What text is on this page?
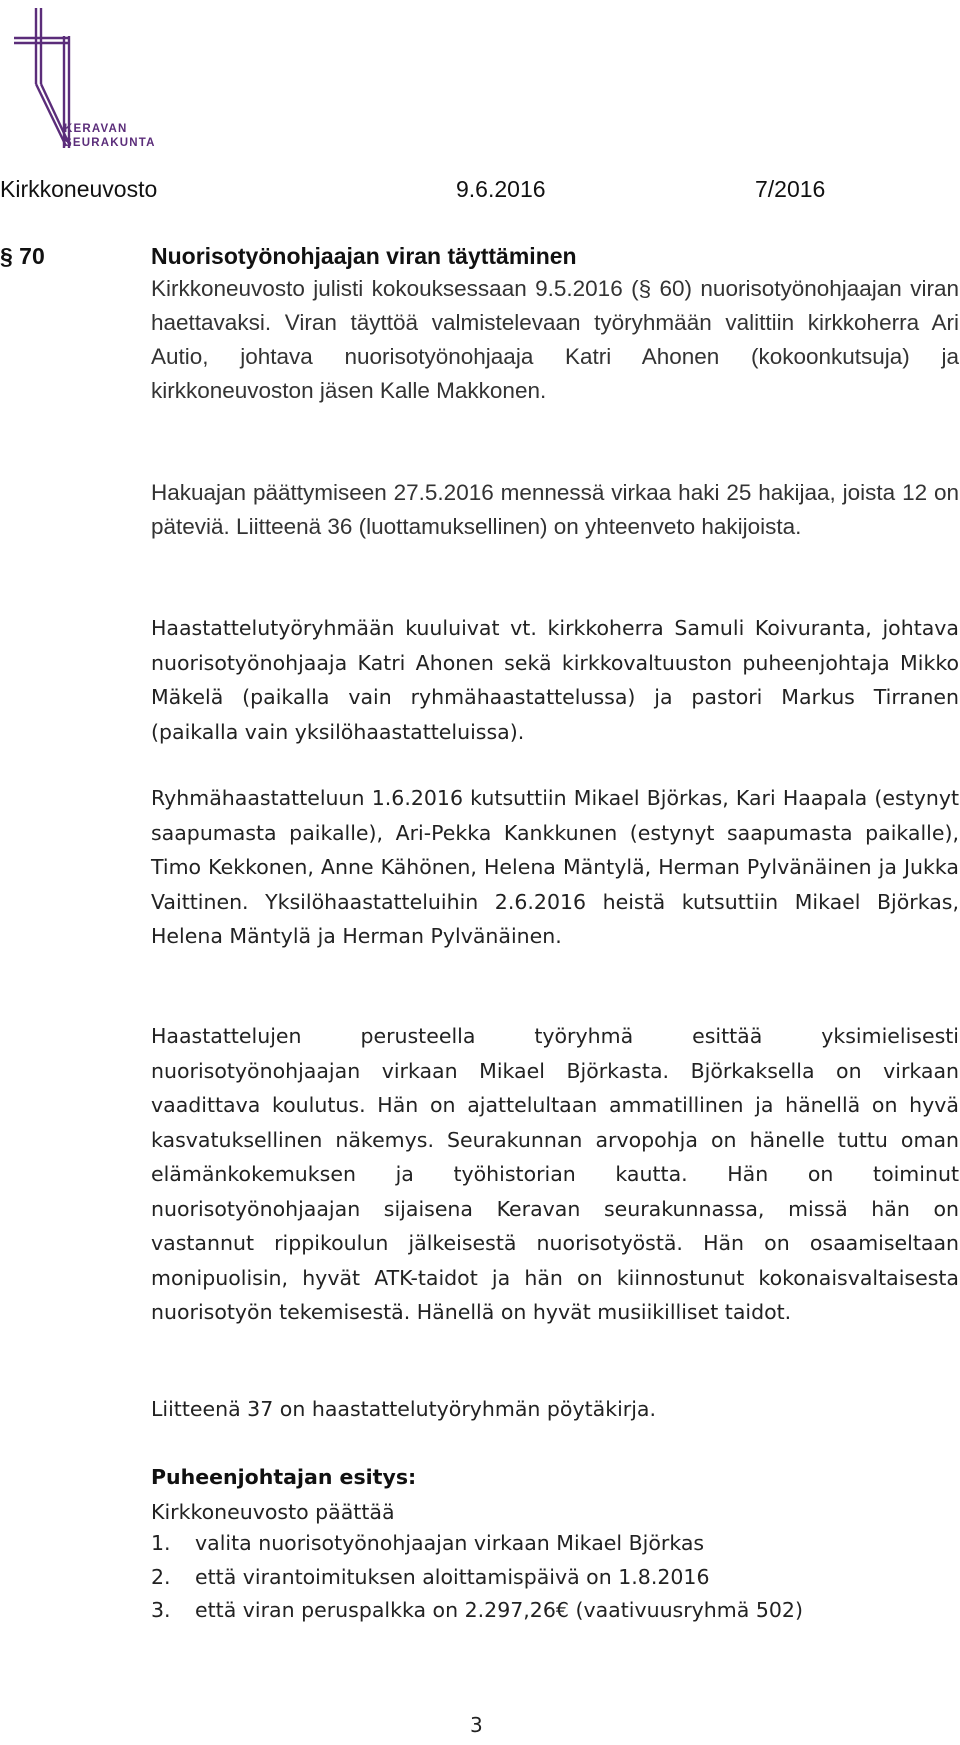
KERAVAN
SEURAKUNTA
Kirkkoneuvosto	9.6.2016	7/2016
§ 70	Nuorisotyönohjaajan viran täyttäminen

Kirkkoneuvosto julisti kokouksessaan 9.5.2016 (§ 60) nuorisotyönohjaajan viran haettavaksi. Viran täyttöä valmistelevaan työryhmään valittiin kirkkoherra Ari Autio, johtava nuorisotyönohjaaja Katri Ahonen (kokoonkutsuja) ja kirkkoneuvoston jäsen Kalle Makkonen.

Hakuajan päättymiseen 27.5.2016 mennessä virkaa haki 25 hakijaa, joista 12 on päteviä. Liitteenä 36 (luottamuksellinen) on yhteenveto hakijoista.

Haastattelutyöryhmään kuuluivat vt. kirkkoherra Samuli Koivuranta, johtava nuorisotyönohjaaja Katri Ahonen sekä kirkkovaltuuston puheenjohtaja Mikko Mäkelä (paikalla vain ryhmähaastattelussa) ja pastori Markus Tirranen (paikalla vain yksilöhaastatteluissa).

Ryhmähaastatteluun 1.6.2016 kutsuttiin Mikael Björkas, Kari Haapala (estynyt saapumasta paikalle), Ari-Pekka Kankkunen (estynyt saapumasta paikalle), Timo Kekkonen, Anne Kähönen, Helena Mäntylä, Herman Pylvänäinen ja Jukka Vaittinen. Yksilöhaastatteluihin 2.6.2016 heistä kutsuttiin Mikael Björkas, Helena Mäntylä ja Herman Pylvänäinen.

Haastattelujen perusteella työryhmä esittää yksimielisesti nuorisotyönohjaajan virkaan Mikael Björkasta. Björkaksella on virkaan vaadittava koulutus. Hän on ajattelultaan ammatillinen ja hänellä on hyvä kasvatuksellinen näkemys. Seurakunnan arvopohja on hänelle tuttu oman elämänkokemuksen ja työhistorian kautta. Hän on toiminut nuorisotyönohjaajan sijaisena Keravan seurakunnassa, missä hän on vastannut rippikoulun jälkeisestä nuorisotyöstä. Hän on osaamiseltaan monipuolisin, hyvät ATK-taidot ja hän on kiinnostunut kokonaisvaltaisesta nuorisotyön tekemisestä. Hänellä on hyvät musiikilliset taidot.

Liitteenä 37 on haastattelutyöryhmän pöytäkirja.

Puheenjohtajan esitys:

Kirkkoneuvosto päättää

1.	valita nuorisotyönohjaajan virkaan Mikael Björkas
2.	että virantoimituksen aloittamispäivä on 1.8.2016
3.	että viran peruspalkka on 2.297,26€ (vaativuusryhmä 502)
3
